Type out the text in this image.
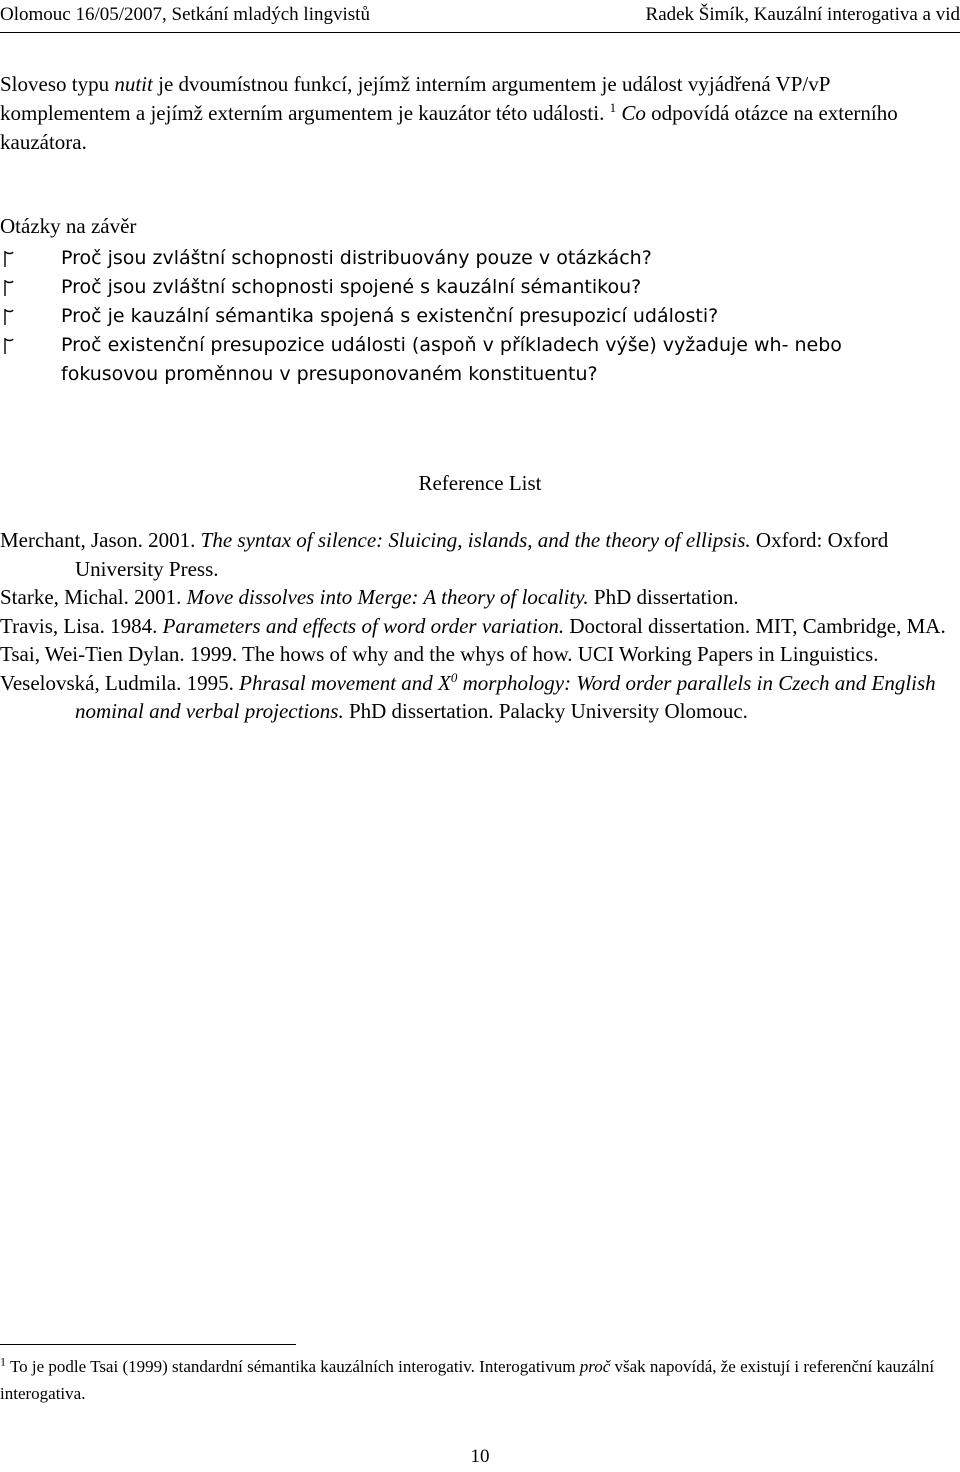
Olomouc 16/05/2007, Setkání mladých lingvistů	Radek Šimík, Kauzální interogativa a vid

Sloveso typu nutit je dvoumístnou funkcí, jejímž interním argumentem je událost vyjádřená VP/vP komplementem a jejímž externím argumentem je kauzátor této události. $^1$ Co odpovídá otázce na externího kauzátora.

Otázky na závěr
Proč jsou zvláštní schopnosti distribuovány pouze v otázkách?
Proč jsou zvláštní schopnosti spojené s kauzální sémantikou?
Proč je kauzální sémantika spojená s existenční presupozicí události?
Proč existenční presupozice události (aspoň v příkladech výše) vyžaduje wh- nebo fokusovou proměnnou v presuponovaném konstituentu?
Reference List

Merchant, Jason. 2001. The syntax of silence: Sluicing, islands, and the theory of ellipsis. Oxford: Oxford University Press.

Starke, Michal. 2001. Move dissolves into Merge: A theory of locality. PhD dissertation.

Travis, Lisa. 1984. Parameters and effects of word order variation. Doctoral dissertation. MIT, Cambridge, MA.

Tsai, Wei-Tien Dylan. 1999. The hows of why and the whys of how. UCI Working Papers in Linguistics.

Veselovská, Ludmila. 1995. Phrasal movement and $X^0$ morphology: Word order parallels in Czech and English nominal and verbal projections. PhD dissertation. Palacky University Olomouc.

$^1$ To je podle Tsai (1999) standardní sémantika kauzálních interogativ. Interogativum proč však napovídá, že existují i referenční kauzální interogativa.

10
